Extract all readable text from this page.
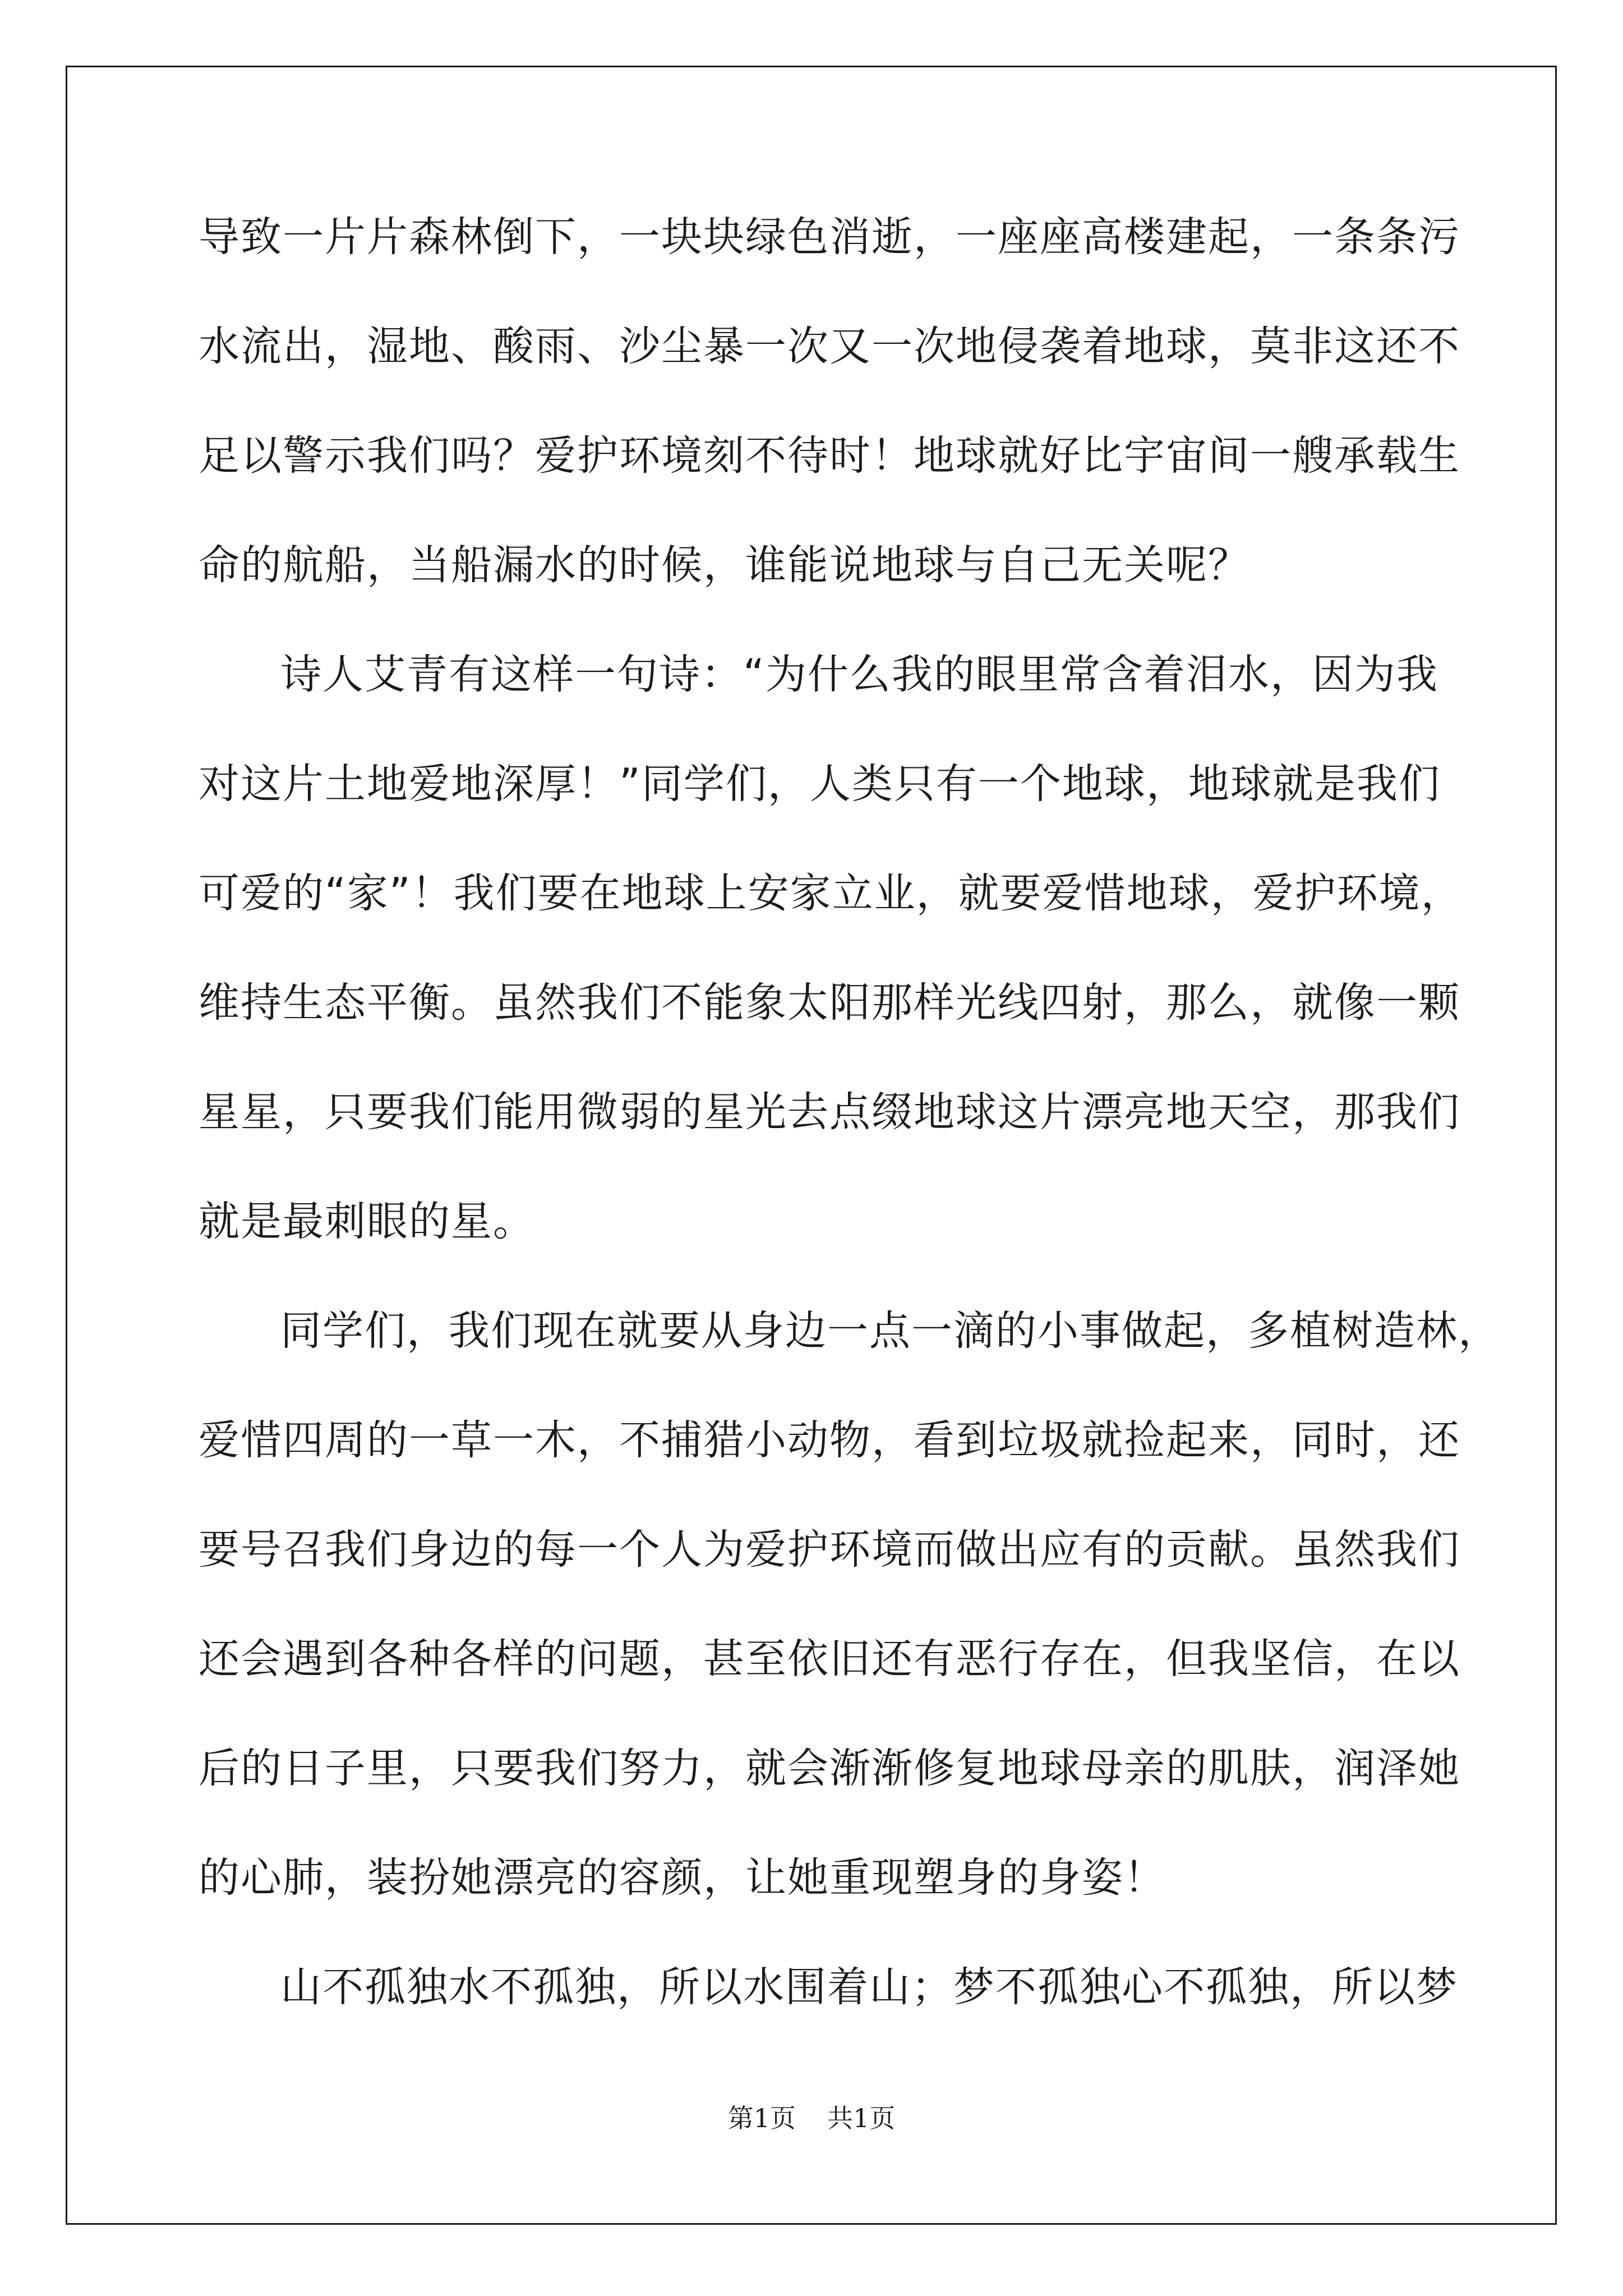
导致一片片森林倒下，一块块绿色消逝，一座座高楼建起，一条条污
水流出，湿地、酸雨、沙尘暴一次又一次地侵袭着地球，莫非这还不
足以警示我们吗？爱护环境刻不待时！地球就好比宇宙间一艘承载生
命的航船，当船漏水的时候，谁能说地球与自己无关呢？
诗人艾青有这样一句诗：“为什么我的眼里常含着泪水，因为我
对这片土地爱地深厚！”同学们，人类只有一个地球，地球就是我们
可爱的“家”！我们要在地球上安家立业，就要爱惜地球，爱护环境，
维持生态平衡。虽然我们不能象太阳那样光线四射，那么，就像一颗
星星，只要我们能用微弱的星光去点缀地球这片漂亮地天空，那我们
就是最刺眼的星。
同学们，我们现在就要从身边一点一滴的小事做起，多植树造林，
爱惜四周的一草一木，不捕猎小动物，看到垃圾就捡起来，同时，还
要号召我们身边的每一个人为爱护环境而做出应有的贡献。虽然我们
还会遇到各种各样的问题，甚至依旧还有恶行存在，但我坚信，在以
后的日子里，只要我们努力，就会渐渐修复地球母亲的肌肤，润泽她
的心肺，装扮她漂亮的容颜，让她重现塑身的身姿！
山不孤独水不孤独，所以水围着山；梦不孤独心不孤独，所以梦
第1页 共1页
